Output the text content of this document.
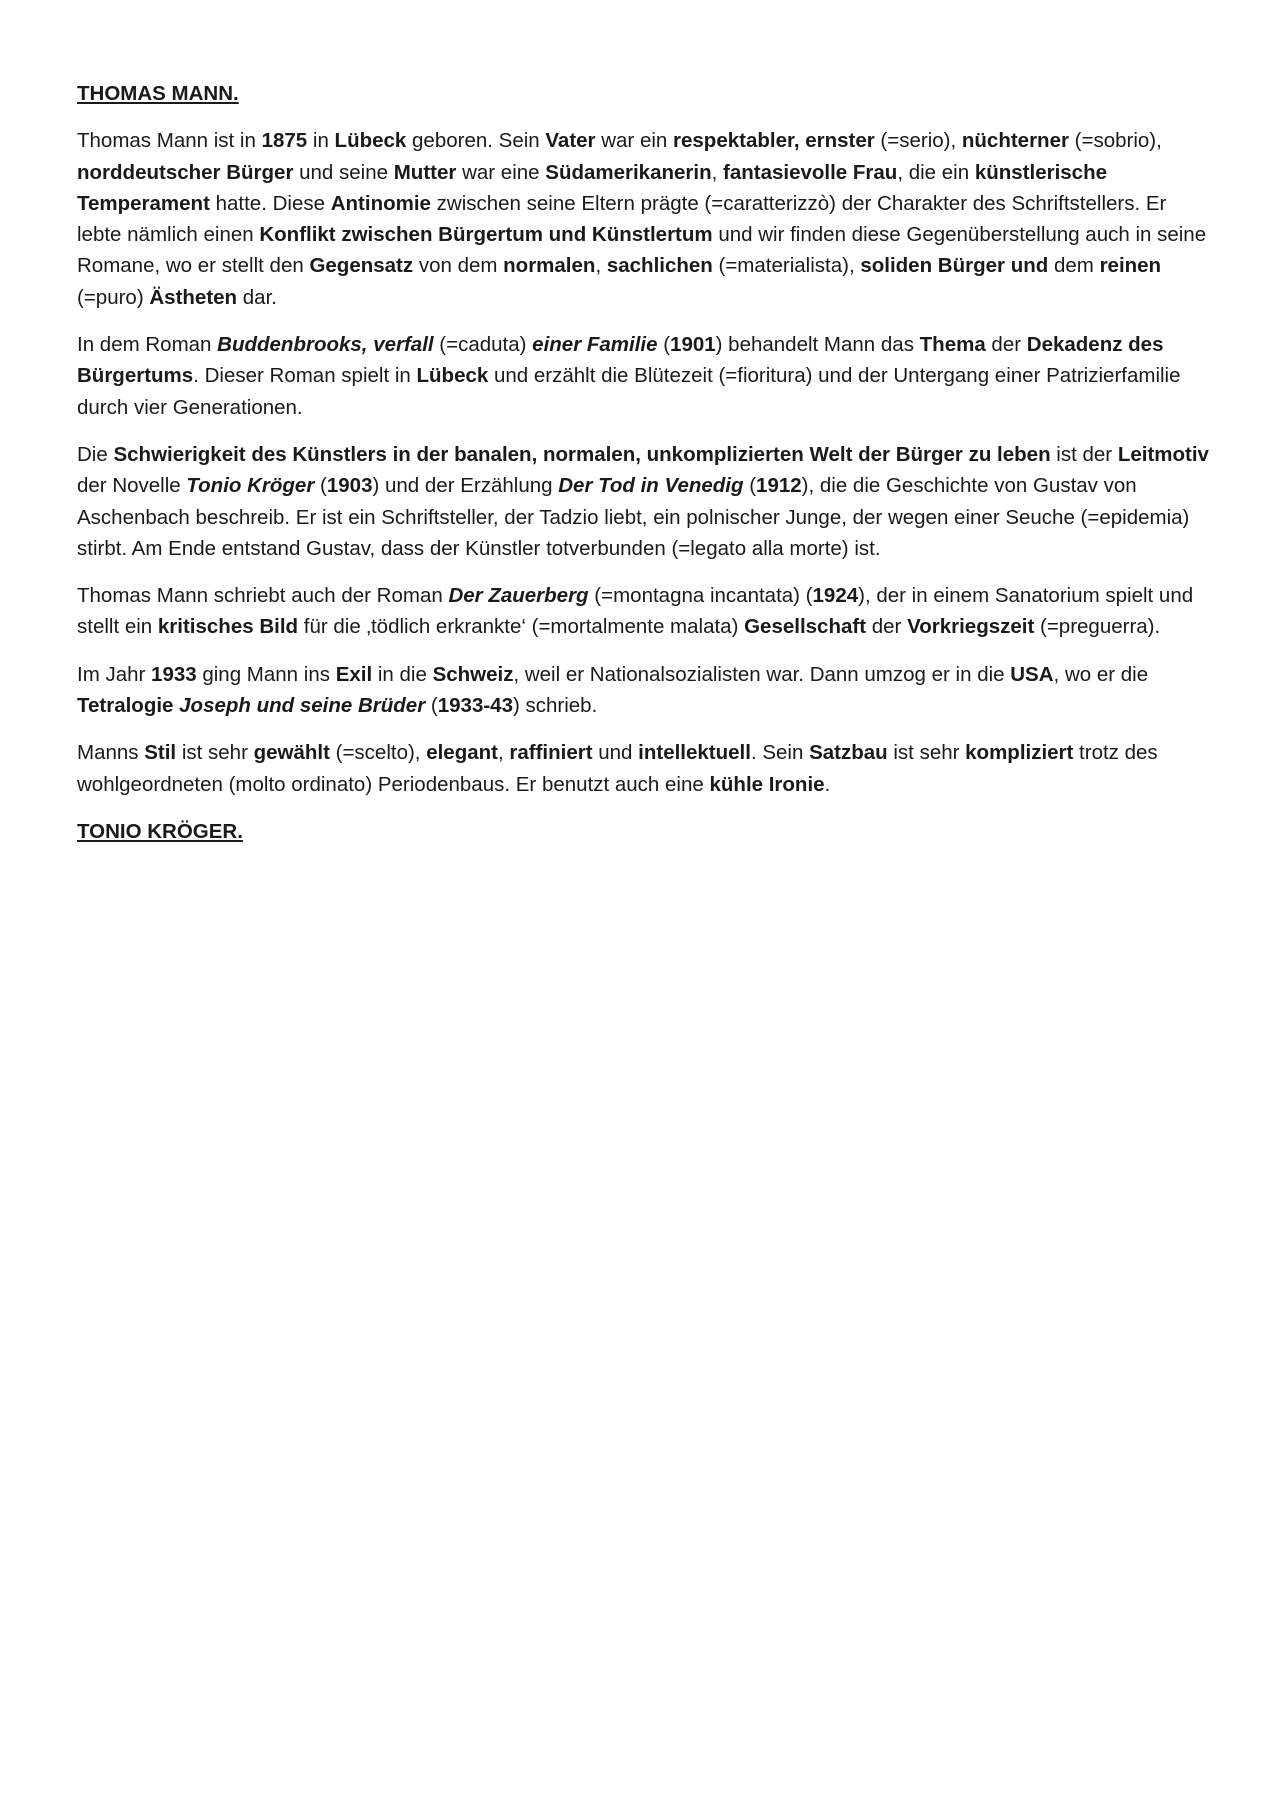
THOMAS MANN.

Thomas Mann ist in 1875 in Lübeck geboren. Sein Vater war ein respektabler, ernster (=serio), nüchterner (=sobrio), norddeutscher Bürger und seine Mutter war eine Südamerikanerin, fantasievolle Frau, die ein künstlerische Temperament hatte. Diese Antinomie zwischen seine Eltern prägte (=caratterizzò) der Charakter des Schriftstellers. Er lebte nämlich einen Konflikt zwischen Bürgertum und Künstlertum und wir finden diese Gegenüberstellung auch in seine Romane, wo er stellt den Gegensatz von dem normalen, sachlichen (=materialista), soliden Bürger und dem reinen (=puro) Ästheten dar.

In dem Roman Buddenbrooks, verfall (=caduta) einer Familie (1901) behandelt Mann das Thema der Dekadenz des Bürgertums. Dieser Roman spielt in Lübeck und erzählt die Blütezeit (=fioritura) und der Untergang einer Patrizierfamilie durch vier Generationen.

Die Schwierigkeit des Künstlers in der banalen, normalen, unkomplizierten Welt der Bürger zu leben ist der Leitmotiv der Novelle Tonio Kröger (1903) und der Erzählung Der Tod in Venedig (1912), die die Geschichte von Gustav von Aschenbach beschreib. Er ist ein Schriftsteller, der Tadzio liebt, ein polnischer Junge, der wegen einer Seuche (=epidemia) stirbt. Am Ende entstand Gustav, dass der Künstler totverbunden (=legato alla morte) ist.

Thomas Mann schriebt auch der Roman Der Zauerberg (=montagna incantata) (1924), der in einem Sanatorium spielt und stellt ein kritisches Bild für die ‚tödlich erkrankte‘ (=mortalmente malata) Gesellschaft der Vorkriegszeit (=preguerra).

Im Jahr 1933 ging Mann ins Exil in die Schweiz, weil er Nationalsozialisten war. Dann umzog er in die USA, wo er die Tetralogie Joseph und seine Brüder (1933-43) schrieb.

Manns Stil ist sehr gewählt (=scelto), elegant, raffiniert und intellektuell. Sein Satzbau ist sehr kompliziert trotz des wohlgeordneten (molto ordinato) Periodenbaus. Er benutzt auch eine kühle Ironie.

TONIO KRÖGER.
